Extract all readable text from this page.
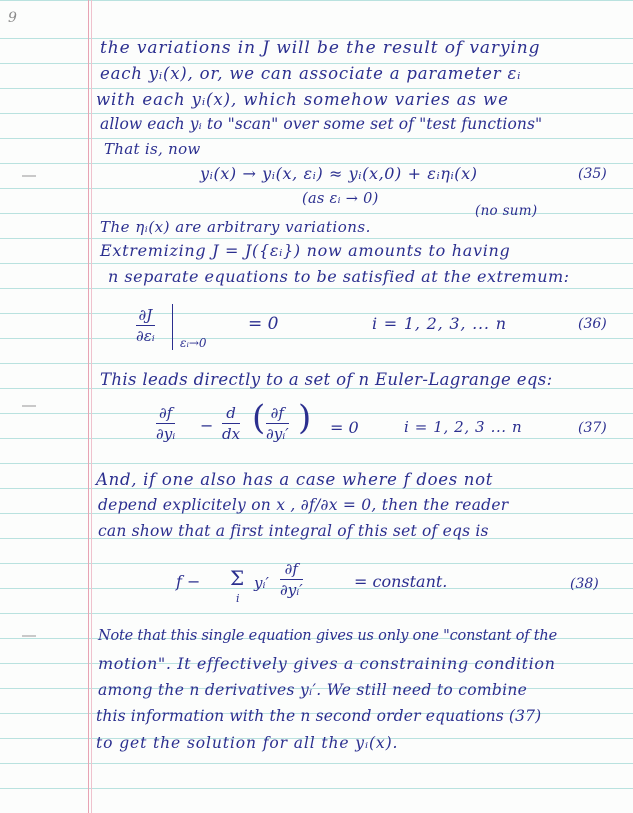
9
the variations in J will be the result of varying
each yᵢ(x), or, we can associate a parameter εᵢ
with each yᵢ(x), which somehow varies as we
allow each yᵢ to "scan" over some set of "test functions"
That is, now
yᵢ(x) → yᵢ(x, εᵢ) ≈ yᵢ(x,0) + εᵢηᵢ(x)
(as εᵢ → 0)
(no sum)
(35)
The ηᵢ(x) are arbitrary variations.
Extremizing J = J({εᵢ}) now amounts to having
n separate equations to be satisfied at the extremum:
∂J
∂εᵢ εᵢ→0
= 0	i = 1, 2, 3, ... n	(36)
This leads directly to a set of n Euler-Lagrange eqs:
∂f
∂yᵢ −
d
dx ( ∂f
∂yᵢ′ ) = 0	i = 1, 2, 3 ... n	(37)
And, if one also has a case where f does not
depend explicitely on x , ∂f/∂x = 0, then the reader
can show that a first integral of this set of eqs is
f − Σ
i
yᵢ′
∂f
∂yᵢ′	= constant.	(38)
Note that this single equation gives us only one "constant of the
motion". It effectively gives a constraining condition
among the n derivatives yᵢ′. We still need to combine
this information with the n second order equations (37)
to get the solution for all the yᵢ(x).
